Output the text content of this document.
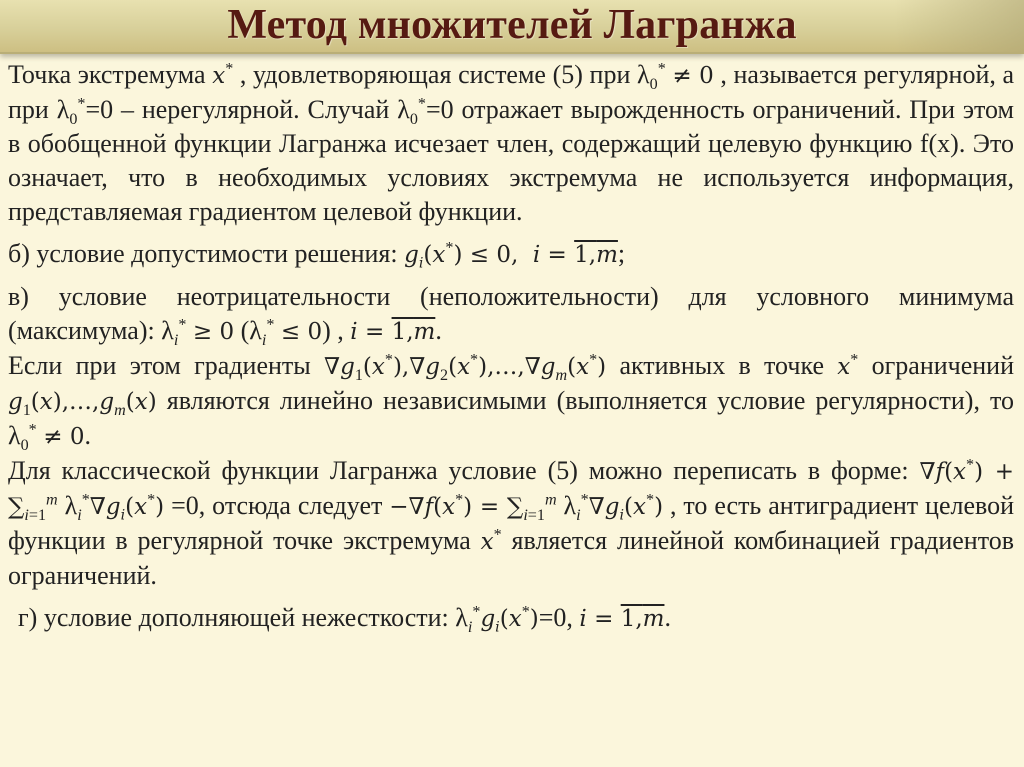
Метод множителей Лагранжа

Точка экстремума x* , удовлетворяющая системе (5) при $\lambda_0^* \ne 0$ , называется регулярной, а при $\lambda_0^*=0$ – нерегулярной. Случай $\lambda_0^*=0$ отражает вырожденность ограничений. При этом в обобщенной функции Лагранжа исчезает член, содержащий целевую функцию f(x). Это означает, что в необходимых условиях экстремума не используется информация, представляемая градиентом целевой функции.

б) условие допустимости решения: $g_i(x^*) \le 0$,  $i = 1,\overline{m}$;

в) условие неотрицательности (неположительности) для условного минимума (максимума): $\lambda_i^* \ge 0$ $(\lambda_i^* \le 0)$ , $i = 1,\overline{m}$.

Если при этом градиенты $\nabla g_1(x^*),\nabla g_2(x^*),\dots,\nabla g_m(x^*)$ активных в точке x* ограничений $g_1(x),\dots,g_m(x)$ являются линейно независимыми (выполняется условие регулярности), то $\lambda_0^* \ne 0$.

Для классической функции Лагранжа условие (5) можно переписать в форме: $\nabla f(x^*) + \sum_{i=1}^m$ $\lambda_i^*\nabla g_i(x^*) =0$, отсюда следует $-\nabla f(x^*) = \sum_{i=1}^m$ $\lambda_i^*\nabla g_i(x^*)$ , то есть антиградиент целевой функции в регулярной точке экстремума x* является линейной комбинацией градиентов ограничений.

г) условие дополняющей нежесткости: $\lambda_i^*g_i(x^*)=0$, $i = 1,\overline{m}$.
